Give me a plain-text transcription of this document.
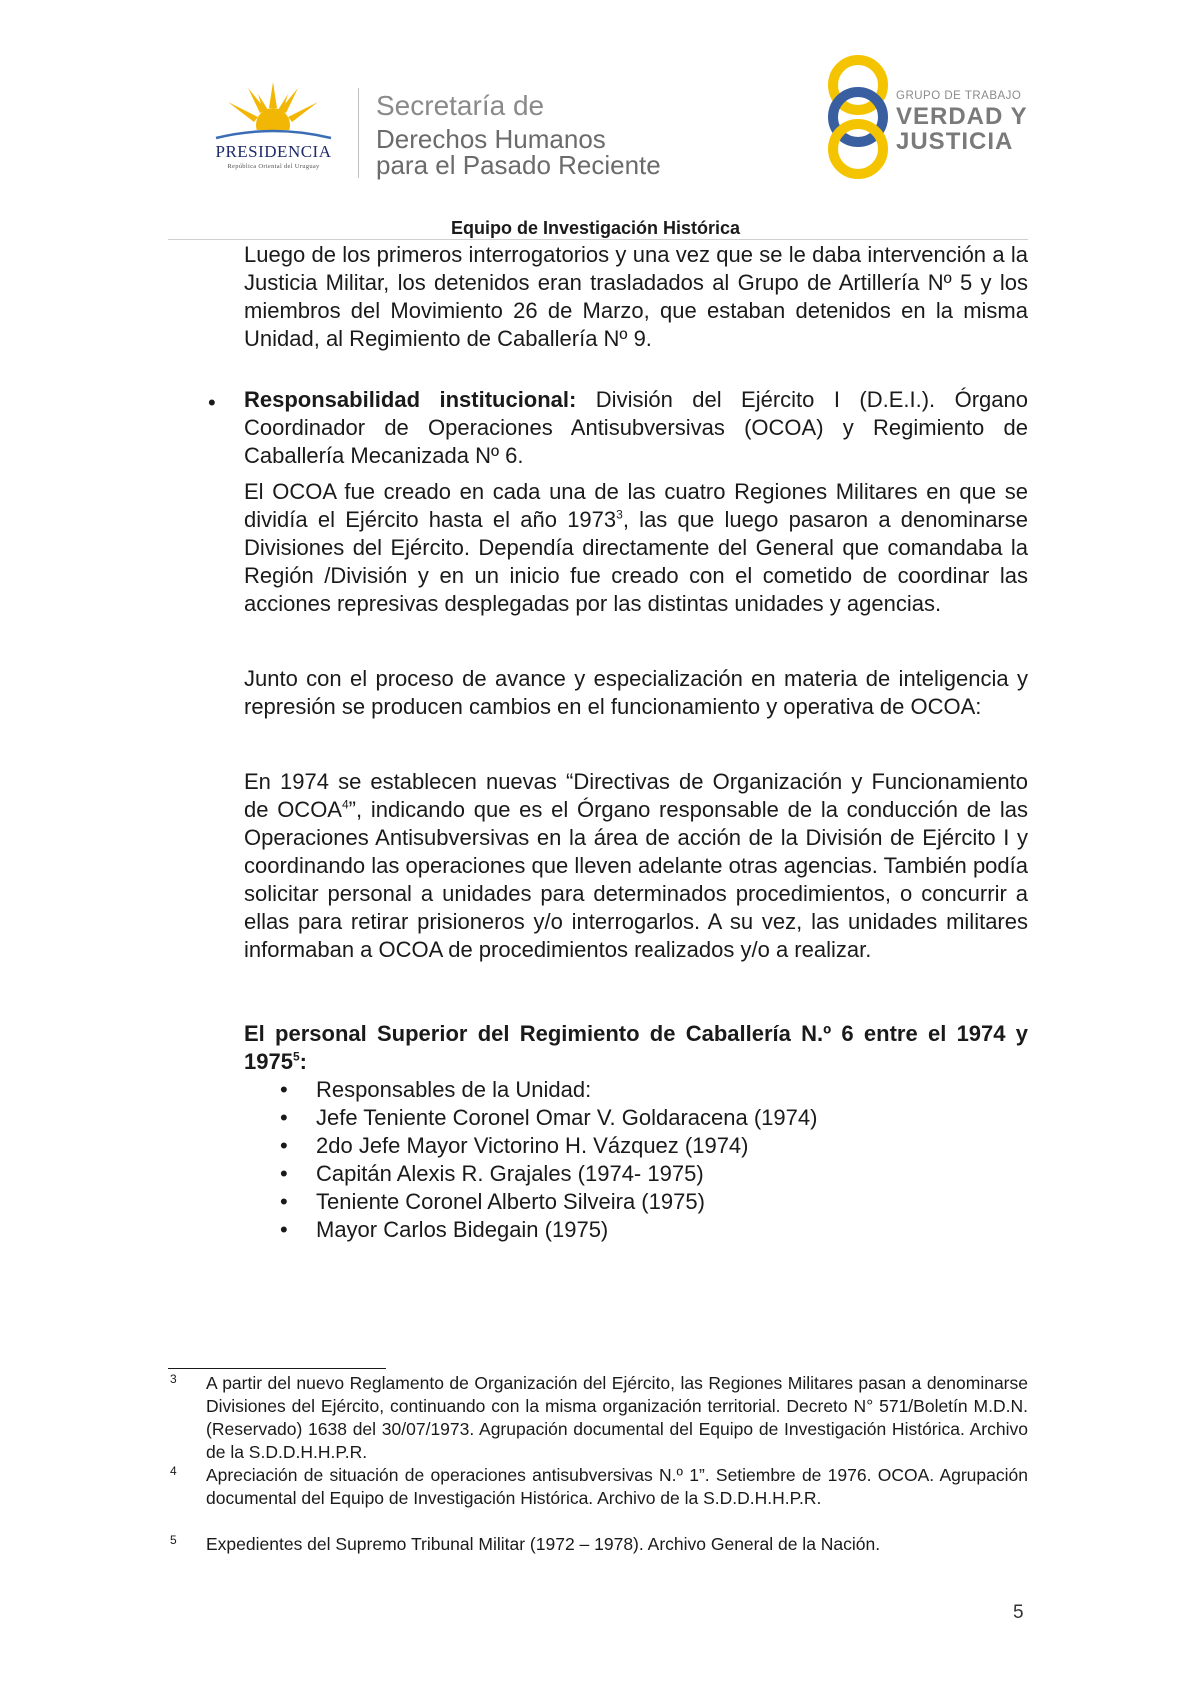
PRESIDENCIA
República Oriental del Uruguay
Secretaría de
Derechos Humanos
para el Pasado Reciente
GRUPO DE TRABAJO
VERDAD Y
JUSTICIA
Equipo de Investigación Histórica
Luego de los primeros interrogatorios y una vez que se le daba intervención a la Justicia Militar, los detenidos eran trasladados al Grupo de Artillería Nº 5 y los miembros del Movimiento 26 de Marzo, que estaban detenidos en la misma Unidad, al Regimiento de Caballería Nº 9.
• Responsabilidad institucional: División del Ejército I (D.E.I.). Órgano Coordinador de Operaciones Antisubversivas (OCOA) y Regimiento de Caballería Mecanizada Nº 6.
El OCOA fue creado en cada una de las cuatro Regiones Militares en que se dividía el Ejército hasta el año 1973$^3$, las que luego pasaron a denominarse Divisiones del Ejército. Dependía directamente del General que comandaba la Región /División y en un inicio fue creado con el cometido de coordinar las acciones represivas desplegadas por las distintas unidades y agencias.
Junto con el proceso de avance y especialización en materia de inteligencia y represión se producen cambios en el funcionamiento y operativa de OCOA:
En 1974 se establecen nuevas “Directivas de Organización y Funcionamiento de OCOA$^4$”, indicando que es el Órgano responsable de la conducción de las Operaciones Antisubversivas en la área de acción de la División de Ejército I y coordinando las operaciones que lleven adelante otras agencias. También podía solicitar personal a unidades para determinados procedimientos, o concurrir a ellas para retirar prisioneros y/o interrogarlos. A su vez, las unidades militares informaban a OCOA de procedimientos realizados y/o a realizar.
El personal Superior del Regimiento de Caballería N.º 6 entre el 1974 y 1975$^5$:
• Responsables de la Unidad:
• Jefe Teniente Coronel Omar V. Goldaracena (1974)
• 2do Jefe Mayor Victorino H. Vázquez (1974)
• Capitán Alexis R. Grajales (1974- 1975)
• Teniente Coronel Alberto Silveira (1975)
• Mayor Carlos Bidegain (1975)
3 A partir del nuevo Reglamento de Organización del Ejército, las Regiones Militares pasan a denominarse Divisiones del Ejército, continuando con la misma organización territorial. Decreto N° 571/Boletín M.D.N. (Reservado) 1638 del 30/07/1973. Agrupación documental del Equipo de Investigación Histórica. Archivo de la S.D.D.H.H.P.R.
4 Apreciación de situación de operaciones antisubversivas N.º 1”. Setiembre de 1976. OCOA. Agrupación documental del Equipo de Investigación Histórica. Archivo de la S.D.D.H.H.P.R.
5 Expedientes del Supremo Tribunal Militar (1972 – 1978). Archivo General de la Nación.
5
